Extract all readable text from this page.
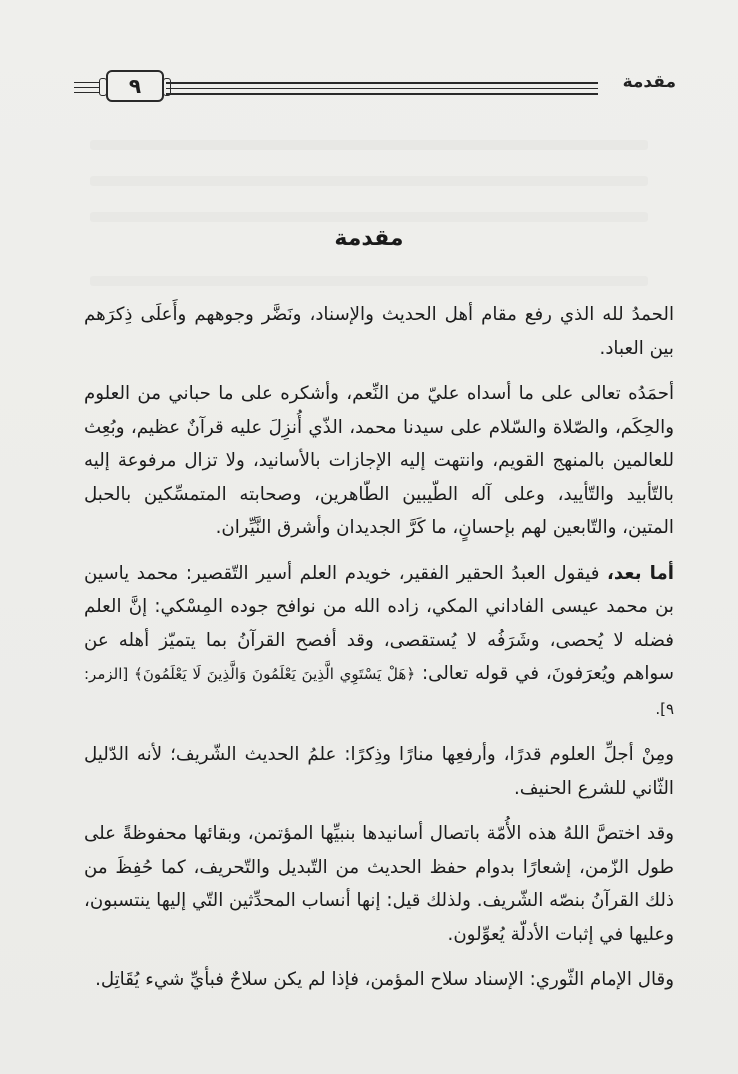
٩	مقدمة
مقدمة

الحمدُ لله الذي رفع مقام أهل الحديث والإسناد، ونَضَّر وجوههم وأَعلَى ذِكرَهم بين العباد.

أحمَدُه تعالى على ما أسداه عليّ من النِّعم، وأشكره على ما حباني من العلوم والحِكَم، والصّلاة والسّلام على سيدنا محمد، الذّي أُنزِلَ عليه قرآنٌ عظيم، وبُعِث للعالمين بالمنهج القويم، وانتهت إليه الإجازات بالأسانيد، ولا تزال مرفوعة إليه بالتّأبيد والتّأييد، وعلى آله الطّيبين الطّاهرين، وصحابته المتمسِّكين بالحبل المتين، والتّابعين لهم بإحسانٍ، ما كَرَّ الجديدان وأشرق النَّيِّران.

أما بعد، فيقول العبدُ الحقير الفقير، خويدم العلم أسير التّقصير: محمد ياسين بن محمد عيسى الفاداني المكي، زاده الله من نوافح جوده المِسْكي: إنَّ العلم فضله لا يُحصى، وشَرَفُه لا يُستقصى، وقد أفصح القرآنُ بما يتميّز أهله عن سواهم ويُعرَفونَ، في قوله تعالى: ﴿هَلْ يَسْتَوِي الَّذِينَ يَعْلَمُونَ وَالَّذِينَ لَا يَعْلَمُونَ﴾ [الزمر: ٩].

ومِنْ أجلِّ العلوم قدرًا، وأرفعِها منارًا وذِكرًا: علمُ الحديث الشّريف؛ لأنه الدّليل الثّاني للشرع الحنيف.

وقد اختصَّ اللهُ هذه الأُمّة باتصال أسانيدها بنبيِّها المؤتمن، وبقائها محفوظةً على طول الزّمن، إشعارًا بدوام حفظ الحديث من التّبديل والتّحريف، كما حُفِظَ من ذلك القرآنُ بنصّه الشّريف. ولذلك قيل: إنها أنساب المحدِّثين التّي إليها ينتسبون، وعليها في إثبات الأدلّة يُعوِّلون.

وقال الإمام الثّوري: الإسناد سلاح المؤمن، فإذا لم يكن سلاحٌ فبأيِّ شيء يُقَاتِل.
